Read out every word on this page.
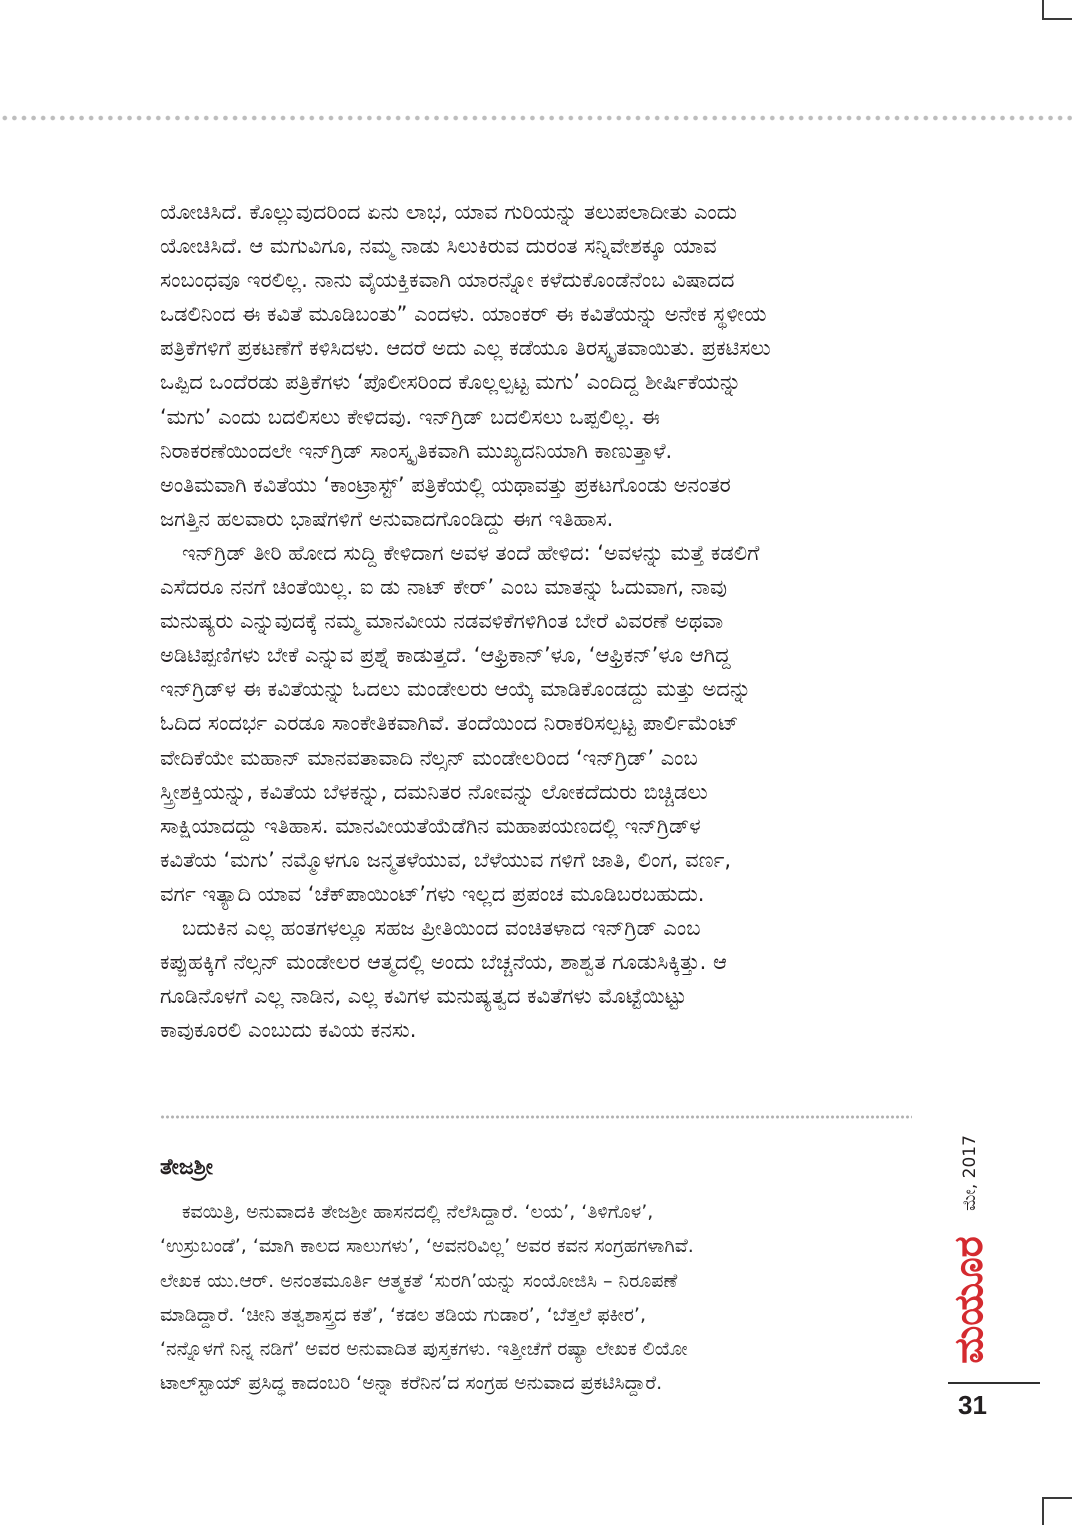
ಯೋಚಿಸಿದೆ. ಕೊಲ್ಲುವುದರಿಂದ ಏನು ಲಾಭ, ಯಾವ ಗುರಿಯನ್ನು ತಲುಪಲಾದೀತು ಎಂದು
ಯೋಚಿಸಿದೆ. ಆ ಮಗುವಿಗೂ, ನಮ್ಮ ನಾಡು ಸಿಲುಕಿರುವ ದುರಂತ ಸನ್ನಿವೇಶಕ್ಕೂ ಯಾವ
ಸಂಬಂಧವೂ ಇರಲಿಲ್ಲ. ನಾನು ವೈಯಕ್ತಿಕವಾಗಿ ಯಾರನ್ನೋ ಕಳೆದುಕೊಂಡೆನೆಂಬ ವಿಷಾದದ
ಒಡಲಿನಿಂದ ಈ ಕವಿತೆ ಮೂಡಿಬಂತು” ಎಂದಳು. ಯಾಂಕರ್ ಈ ಕವಿತೆಯನ್ನು ಅನೇಕ ಸ್ಥಳೀಯ
ಪತ್ರಿಕೆಗಳಿಗೆ ಪ್ರಕಟಣೆಗೆ ಕಳಿಸಿದಳು. ಆದರೆ ಅದು ಎಲ್ಲ ಕಡೆಯೂ ತಿರಸ್ಕೃತವಾಯಿತು. ಪ್ರಕಟಿಸಲು
ಒಪ್ಪಿದ ಒಂದೆರಡು ಪತ್ರಿಕೆಗಳು ‘ಪೊಲೀಸರಿಂದ ಕೊಲ್ಲಲ್ಪಟ್ಟ ಮಗು’ ಎಂದಿದ್ದ ಶೀರ್ಷಿಕೆಯನ್ನು
‘ಮಗು’ ಎಂದು ಬದಲಿಸಲು ಕೇಳಿದವು. ಇನ್‌ಗ್ರಿಡ್ ಬದಲಿಸಲು ಒಪ್ಪಲಿಲ್ಲ. ಈ
ನಿರಾಕರಣೆಯಿಂದಲೇ ಇನ್‌ಗ್ರಿಡ್ ಸಾಂಸ್ಕೃತಿಕವಾಗಿ ಮುಖ್ಯದನಿಯಾಗಿ ಕಾಣುತ್ತಾಳೆ.
ಅಂತಿಮವಾಗಿ ಕವಿತೆಯು ‘ಕಾಂಟ್ರಾಸ್ಟ್’ ಪತ್ರಿಕೆಯಲ್ಲಿ ಯಥಾವತ್ತು ಪ್ರಕಟಗೊಂಡು ಅನಂತರ
ಜಗತ್ತಿನ ಹಲವಾರು ಭಾಷೆಗಳಿಗೆ ಅನುವಾದಗೊಂಡಿದ್ದು ಈಗ ಇತಿಹಾಸ.
ಇನ್‌ಗ್ರಿಡ್ ತೀರಿ ಹೋದ ಸುದ್ದಿ ಕೇಳಿದಾಗ ಅವಳ ತಂದೆ ಹೇಳಿದ: ‘ಅವಳನ್ನು ಮತ್ತೆ ಕಡಲಿಗೆ
ಎಸೆದರೂ ನನಗೆ ಚಿಂತೆಯಿಲ್ಲ. ಐ ಡು ನಾಟ್ ಕೇರ್’ ಎಂಬ ಮಾತನ್ನು ಓದುವಾಗ, ನಾವು
ಮನುಷ್ಯರು ಎನ್ನುವುದಕ್ಕೆ ನಮ್ಮ ಮಾನವೀಯ ನಡವಳಿಕೆಗಳಿಗಿಂತ ಬೇರೆ ವಿವರಣೆ ಅಥವಾ
ಅಡಿಟಿಪ್ಪಣಿಗಳು ಬೇಕೆ ಎನ್ನುವ ಪ್ರಶ್ನೆ ಕಾಡುತ್ತದೆ. ‘ಆಫ್ರಿಕಾನ್’ಳೂ, ‘ಆಫ್ರಿಕನ್’ಳೂ ಆಗಿದ್ದ
ಇನ್‌ಗ್ರಿಡ್‌ಳ ಈ ಕವಿತೆಯನ್ನು ಓದಲು ಮಂಡೇಲರು ಆಯ್ಕೆ ಮಾಡಿಕೊಂಡದ್ದು ಮತ್ತು ಅದನ್ನು
ಓದಿದ ಸಂದರ್ಭ ಎರಡೂ ಸಾಂಕೇತಿಕವಾಗಿವೆ. ತಂದೆಯಿಂದ ನಿರಾಕರಿಸಲ್ಪಟ್ಟ ಪಾರ್ಲಿಮೆಂಟ್
ವೇದಿಕೆಯೇ ಮಹಾನ್ ಮಾನವತಾವಾದಿ ನೆಲ್ಸನ್ ಮಂಡೇಲರಿಂದ ‘ಇನ್‌ಗ್ರಿಡ್’ ಎಂಬ
ಸ್ತ್ರೀಶಕ್ತಿಯನ್ನು, ಕವಿತೆಯ ಬೆಳಕನ್ನು, ದಮನಿತರ ನೋವನ್ನು ಲೋಕದೆದುರು ಬಿಚ್ಚಿಡಲು
ಸಾಕ್ಷಿಯಾದದ್ದು ಇತಿಹಾಸ. ಮಾನವೀಯತೆಯೆಡೆಗಿನ ಮಹಾಪಯಣದಲ್ಲಿ ಇನ್‌ಗ್ರಿಡ್‌ಳ
ಕವಿತೆಯ ‘ಮಗು’ ನಮ್ಮೊಳಗೂ ಜನ್ಮತಳೆಯುವ, ಬೆಳೆಯುವ ಗಳಿಗೆ ಜಾತಿ, ಲಿಂಗ, ವರ್ಣ,
ವರ್ಗ ಇತ್ಯಾದಿ ಯಾವ ‘ಚೆಕ್‌ಪಾಯಿಂಟ್’ಗಳು ಇಲ್ಲದ ಪ್ರಪಂಚ ಮೂಡಿಬರಬಹುದು.
ಬದುಕಿನ ಎಲ್ಲ ಹಂತಗಳಲ್ಲೂ ಸಹಜ ಪ್ರೀತಿಯಿಂದ ವಂಚಿತಳಾದ ಇನ್‌ಗ್ರಿಡ್ ಎಂಬ
ಕಪ್ಪುಹಕ್ಕಿಗೆ ನೆಲ್ಸನ್ ಮಂಡೇಲರ ಆತ್ಮದಲ್ಲಿ ಅಂದು ಬೆಚ್ಚನೆಯ, ಶಾಶ್ವತ ಗೂಡುಸಿಕ್ಕಿತ್ತು. ಆ
ಗೂಡಿನೊಳಗೆ ಎಲ್ಲ ನಾಡಿನ, ಎಲ್ಲ ಕವಿಗಳ ಮನುಷ್ಯತ್ವದ ಕವಿತೆಗಳು ಮೊಟ್ಟೆಯಿಟ್ಟು
ಕಾವುಕೂರಲಿ ಎಂಬುದು ಕವಿಯ ಕನಸು.
ತೇಜಶ್ರೀ
ಕವಯಿತ್ರಿ, ಅನುವಾದಕಿ ತೇಜಶ್ರೀ ಹಾಸನದಲ್ಲಿ ನೆಲೆಸಿದ್ದಾರೆ. ‘ಲಯ’, ‘ತಿಳಿಗೊಳ’,
‘ಉಸ್ರುಬಂಡೆ’, ‘ಮಾಗಿ ಕಾಲದ ಸಾಲುಗಳು’, ‘ಅವನರಿವಿಲ್ಲ’ ಅವರ ಕವನ ಸಂಗ್ರಹಗಳಾಗಿವೆ.
ಲೇಖಕ ಯು.ಆರ್. ಅನಂತಮೂರ್ತಿ ಆತ್ಮಕತೆ ‘ಸುರಗಿ’ಯನ್ನು ಸಂಯೋಜಿಸಿ – ನಿರೂಪಣೆ
ಮಾಡಿದ್ದಾರೆ. ‘ಚೀನಿ ತತ್ವಶಾಸ್ತ್ರದ ಕತೆ’, ‘ಕಡಲ ತಡಿಯ ಗುಡಾರ’, ‘ಬೆತ್ತಲೆ ಫಕೀರ’,
‘ನನ್ನೊಳಗೆ ನಿನ್ನ ನಡಿಗೆ’ ಅವರ ಅನುವಾದಿತ ಪುಸ್ತಕಗಳು. ಇತ್ತೀಚೆಗೆ ರಷ್ಯಾ ಲೇಖಕ ಲಿಯೋ
ಟಾಲ್‌ಸ್ಟಾಯ್ ಪ್ರಸಿದ್ಧ ಕಾದಂಬರಿ ‘ಅನ್ನಾ ಕರೆನಿನ’ದ ಸಂಗ್ರಹ ಅನುವಾದ ಪ್ರಕಟಿಸಿದ್ದಾರೆ.
ಮೇ, 2017
ಮಯೂರ
31
